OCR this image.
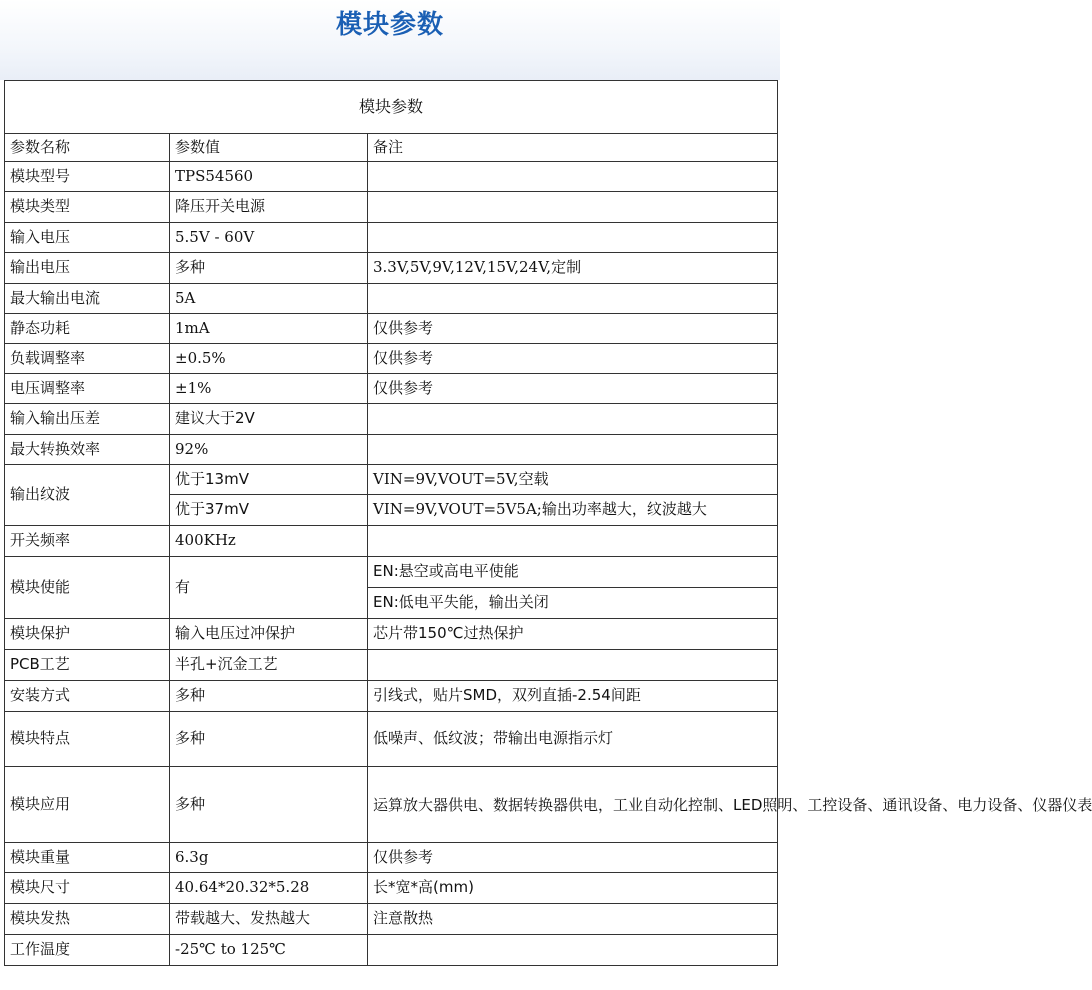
模块参数
模块参数		
参数名称	参数值	备注
模块型号	TPS54560	
模块类型	降压开关电源	
输入电压	5.5V - 60V	
输出电压	多种	3.3V,5V,9V,12V,15V,24V,定制
最大输出电流	5A	
静态功耗	1mA	仅供参考
负载调整率	±0.5%	仅供参考
电压调整率	±1%	仅供参考
输入输出压差	建议大于2V	
最大转换效率	92%	
输出纹波	优于13mV	VIN=9V,VOUT=5V,空载
	优于37mV	VIN=9V,VOUT=5V5A;输出功率越大，纹波越大
开关频率	400KHz	
模块使能	有	EN:悬空或高电平使能
		EN:低电平失能，输出关闭
模块保护	输入电压过冲保护	芯片带150℃过热保护
PCB工艺	半孔+沉金工艺	
安装方式	多种	引线式，贴片SMD，双列直插-2.54间距
模块特点	多种	低噪声、低纹波；带输出电源指示灯
模块应用	多种	运算放大器供电、数据转换器供电，工业自动化控制、LED照明、工控设备、通讯设备、电力设备、仪器仪表
模块重量	6.3g	仅供参考
模块尺寸	40.64*20.32*5.28	长*宽*高(mm)
模块发热	带载越大、发热越大	注意散热
工作温度	-25℃ to 125℃	
